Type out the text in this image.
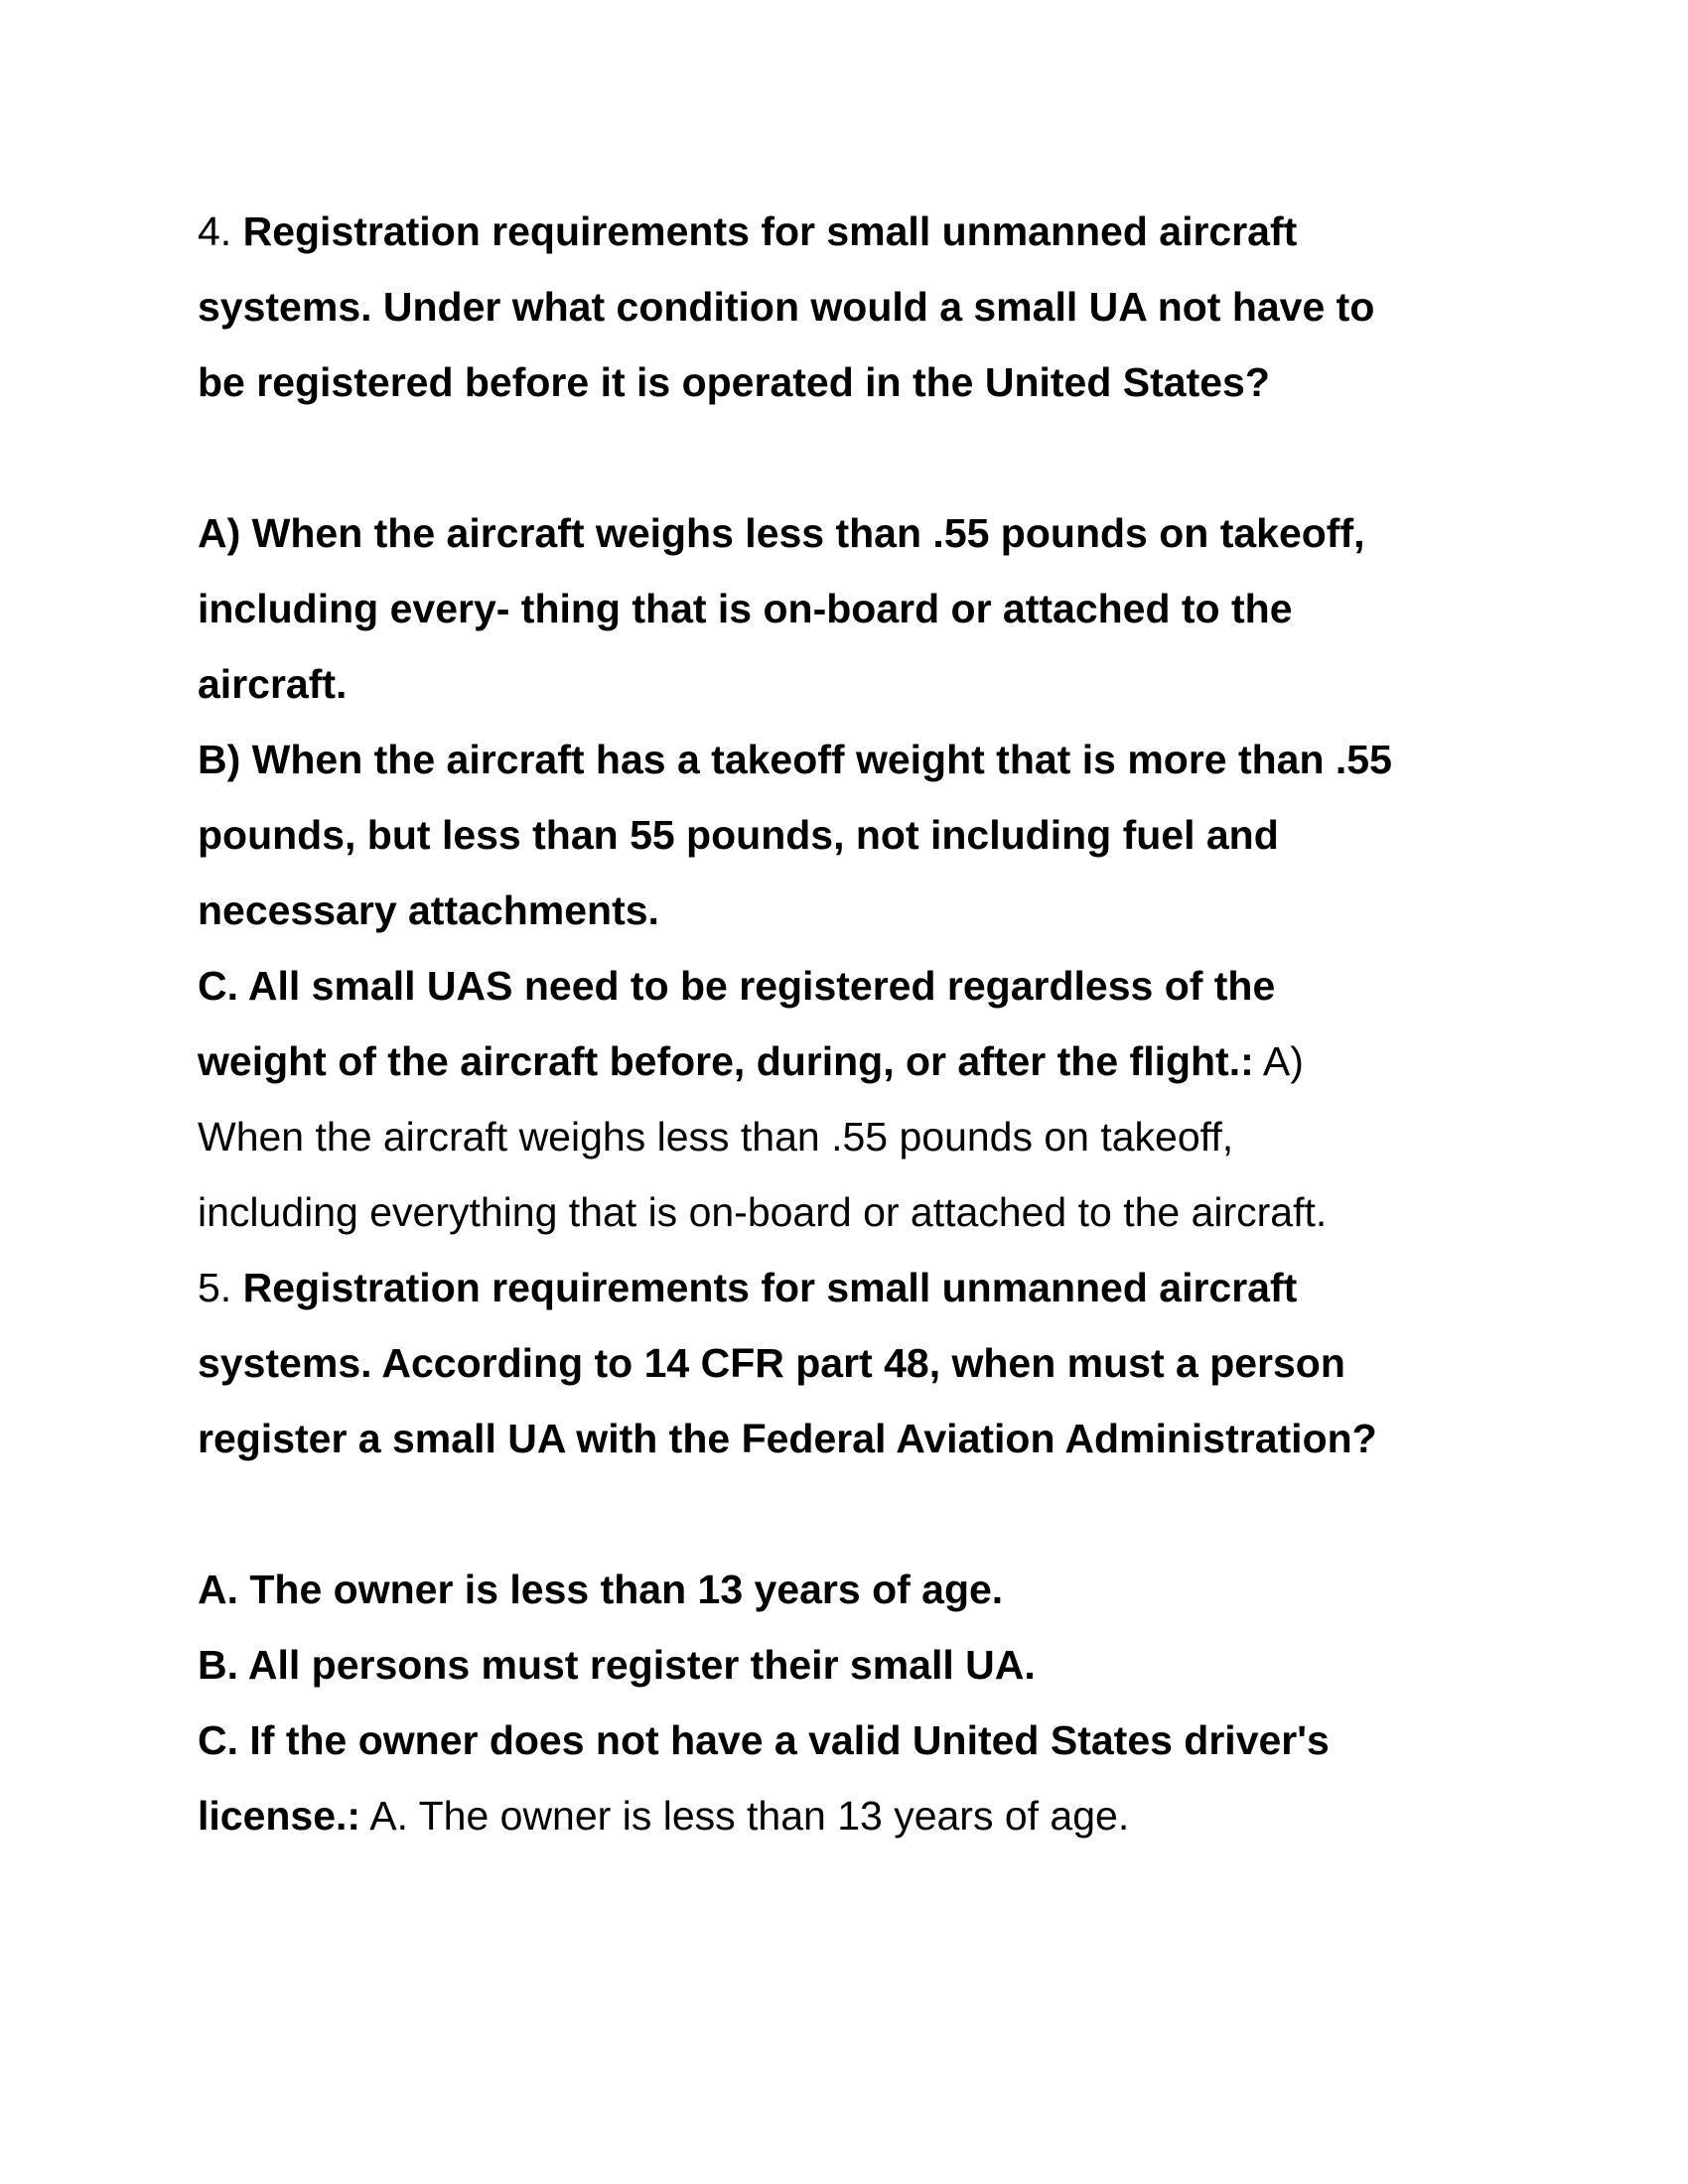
4. Registration requirements for small unmanned aircraft
systems. Under what condition would a small UA not have to
be registered before it is operated in the United States?
A) When the aircraft weighs less than .55 pounds on takeoff,
including every- thing that is on-board or attached to the
aircraft.
B) When the aircraft has a takeoff weight that is more than .55
pounds, but less than 55 pounds, not including fuel and
necessary attachments.
C. All small UAS need to be registered regardless of the
weight of the aircraft before, during, or after the flight.: A)
When the aircraft weighs less than .55 pounds on takeoff,
including everything that is on-board or attached to the aircraft.
5. Registration requirements for small unmanned aircraft
systems. According to 14 CFR part 48, when must a person
register a small UA with the Federal Aviation Administration?
A. The owner is less than 13 years of age.
B. All persons must register their small UA.
C. If the owner does not have a valid United States driver's
license.: A. The owner is less than 13 years of age.
